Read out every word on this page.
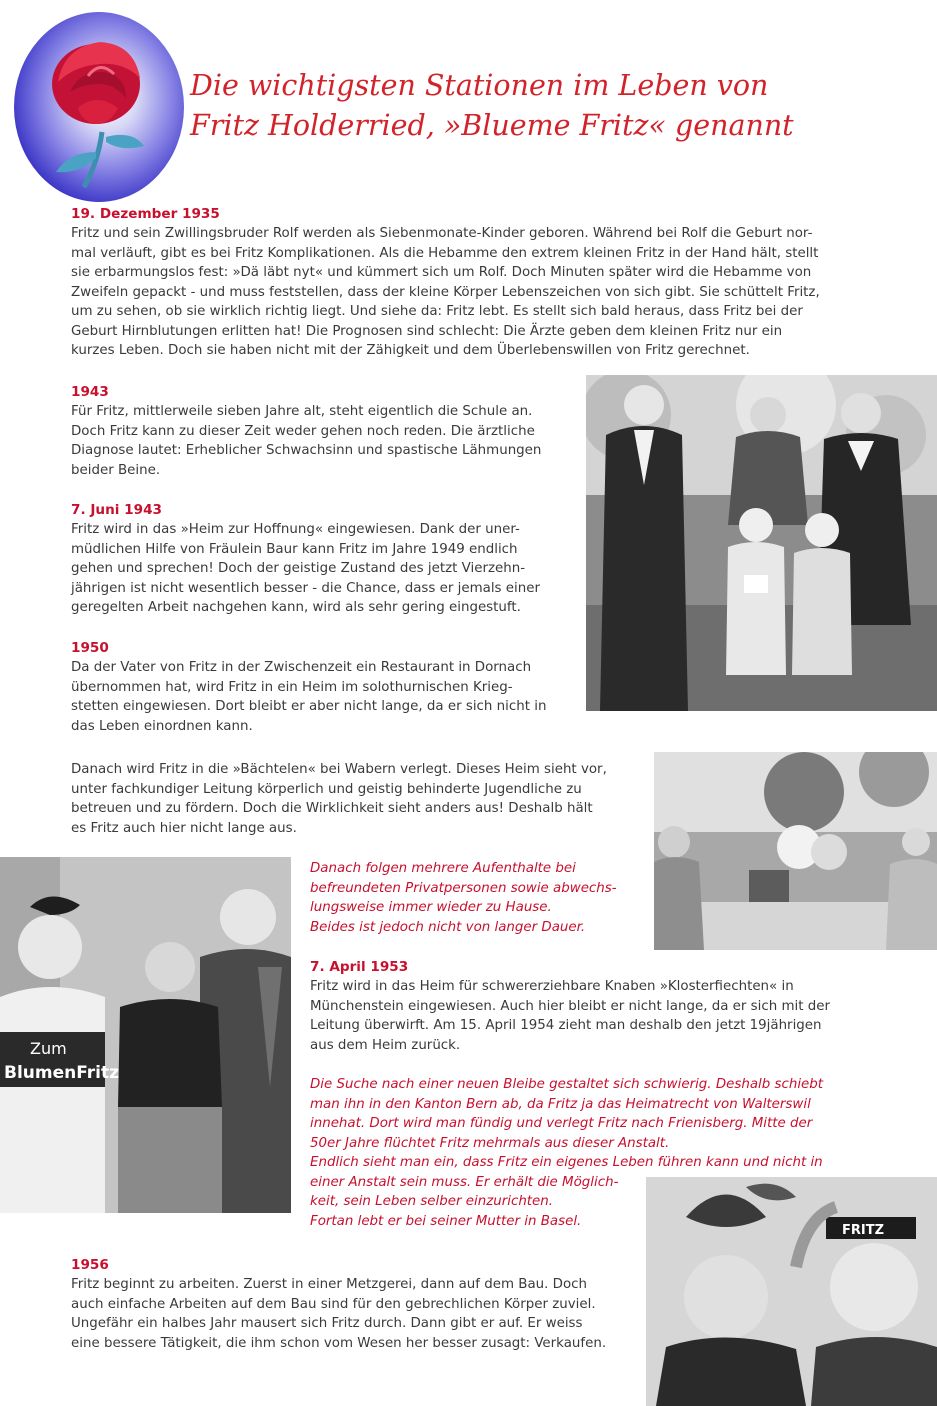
Die wichtigsten Stationen im Leben von
Fritz Holderried, »Blueme Fritz« genannt
19. Dezember 1935
Fritz und sein Zwillingsbruder Rolf werden als Siebenmonate-Kinder geboren. Während bei Rolf die Geburt nor-
mal verläuft, gibt es bei Fritz Komplikationen. Als die Hebamme den extrem kleinen Fritz in der Hand hält, stellt
sie erbarmungslos fest: »Dä läbt nyt« und kümmert sich um Rolf. Doch Minuten später wird die Hebamme von
Zweifeln gepackt - und muss feststellen, dass der kleine Körper Lebenszeichen von sich gibt. Sie schüttelt Fritz,
um zu sehen, ob sie wirklich richtig liegt. Und siehe da: Fritz lebt. Es stellt sich bald heraus, dass Fritz bei der
Geburt Hirnblutungen erlitten hat! Die Prognosen sind schlecht: Die Ärzte geben dem kleinen Fritz nur ein
kurzes Leben. Doch sie haben nicht mit der Zähigkeit und dem Überlebenswillen von Fritz gerechnet.
1943
Für Fritz, mittlerweile sieben Jahre alt, steht eigentlich die Schule an.
Doch Fritz kann zu dieser Zeit weder gehen noch reden. Die ärztliche
Diagnose lautet: Erheblicher Schwachsinn und spastische Lähmungen
beider Beine.
7. Juni 1943
Fritz wird in das »Heim zur Hoffnung« eingewiesen. Dank der uner-
müdlichen Hilfe von Fräulein Baur kann Fritz im Jahre 1949 endlich
gehen und sprechen! Doch der geistige Zustand des jetzt Vierzehn-
jährigen ist nicht wesentlich besser - die Chance, dass er jemals einer
geregelten Arbeit nachgehen kann, wird als sehr gering eingestuft.
1950
Da der Vater von Fritz in der Zwischenzeit ein Restaurant in Dornach
übernommen hat, wird Fritz in ein Heim im solothurnischen Krieg-
stetten eingewiesen. Dort bleibt er aber nicht lange, da er sich nicht in
das Leben einordnen kann.
Danach wird Fritz in die »Bächtelen« bei Wabern verlegt. Dieses Heim sieht vor,
unter fachkundiger Leitung körperlich und geistig behinderte Jugendliche zu
betreuen und zu fördern. Doch die Wirklichkeit sieht anders aus! Deshalb hält
es Fritz auch hier nicht lange aus.
Danach folgen mehrere Aufenthalte bei
befreundeten Privatpersonen sowie abwechs-
lungsweise immer wieder zu Hause.
Beides ist jedoch nicht von langer Dauer.
7. April 1953
Fritz wird in das Heim für schwererziehbare Knaben »Klosterfiechten« in
Münchenstein eingewiesen. Auch hier bleibt er nicht lange, da er sich mit der
Leitung überwirft. Am 15. April 1954 zieht man deshalb den jetzt 19jährigen
aus dem Heim zurück.
Die Suche nach einer neuen Bleibe gestaltet sich schwierig. Deshalb schiebt
man ihn in den Kanton Bern ab, da Fritz ja das Heimatrecht von Walterswil
innehat. Dort wird man fündig und verlegt Fritz nach Frienisberg. Mitte der
50er Jahre flüchtet Fritz mehrmals aus dieser Anstalt.
Endlich sieht man ein, dass Fritz ein eigenes Leben führen kann und nicht in
einer Anstalt sein muss. Er erhält die Möglich-
keit, sein Leben selber einzurichten.
Fortan lebt er bei seiner Mutter in Basel.
1956
Fritz beginnt zu arbeiten. Zuerst in einer Metzgerei, dann auf dem Bau. Doch
auch einfache Arbeiten auf dem Bau sind für den gebrechlichen Körper zuviel.
Ungefähr ein halbes Jahr mausert sich Fritz durch. Dann gibt er auf. Er weiss
eine bessere Tätigkeit, die ihm schon vom Wesen her besser zusagt: Verkaufen.
Zum
BlumenFritz
FRITZ
